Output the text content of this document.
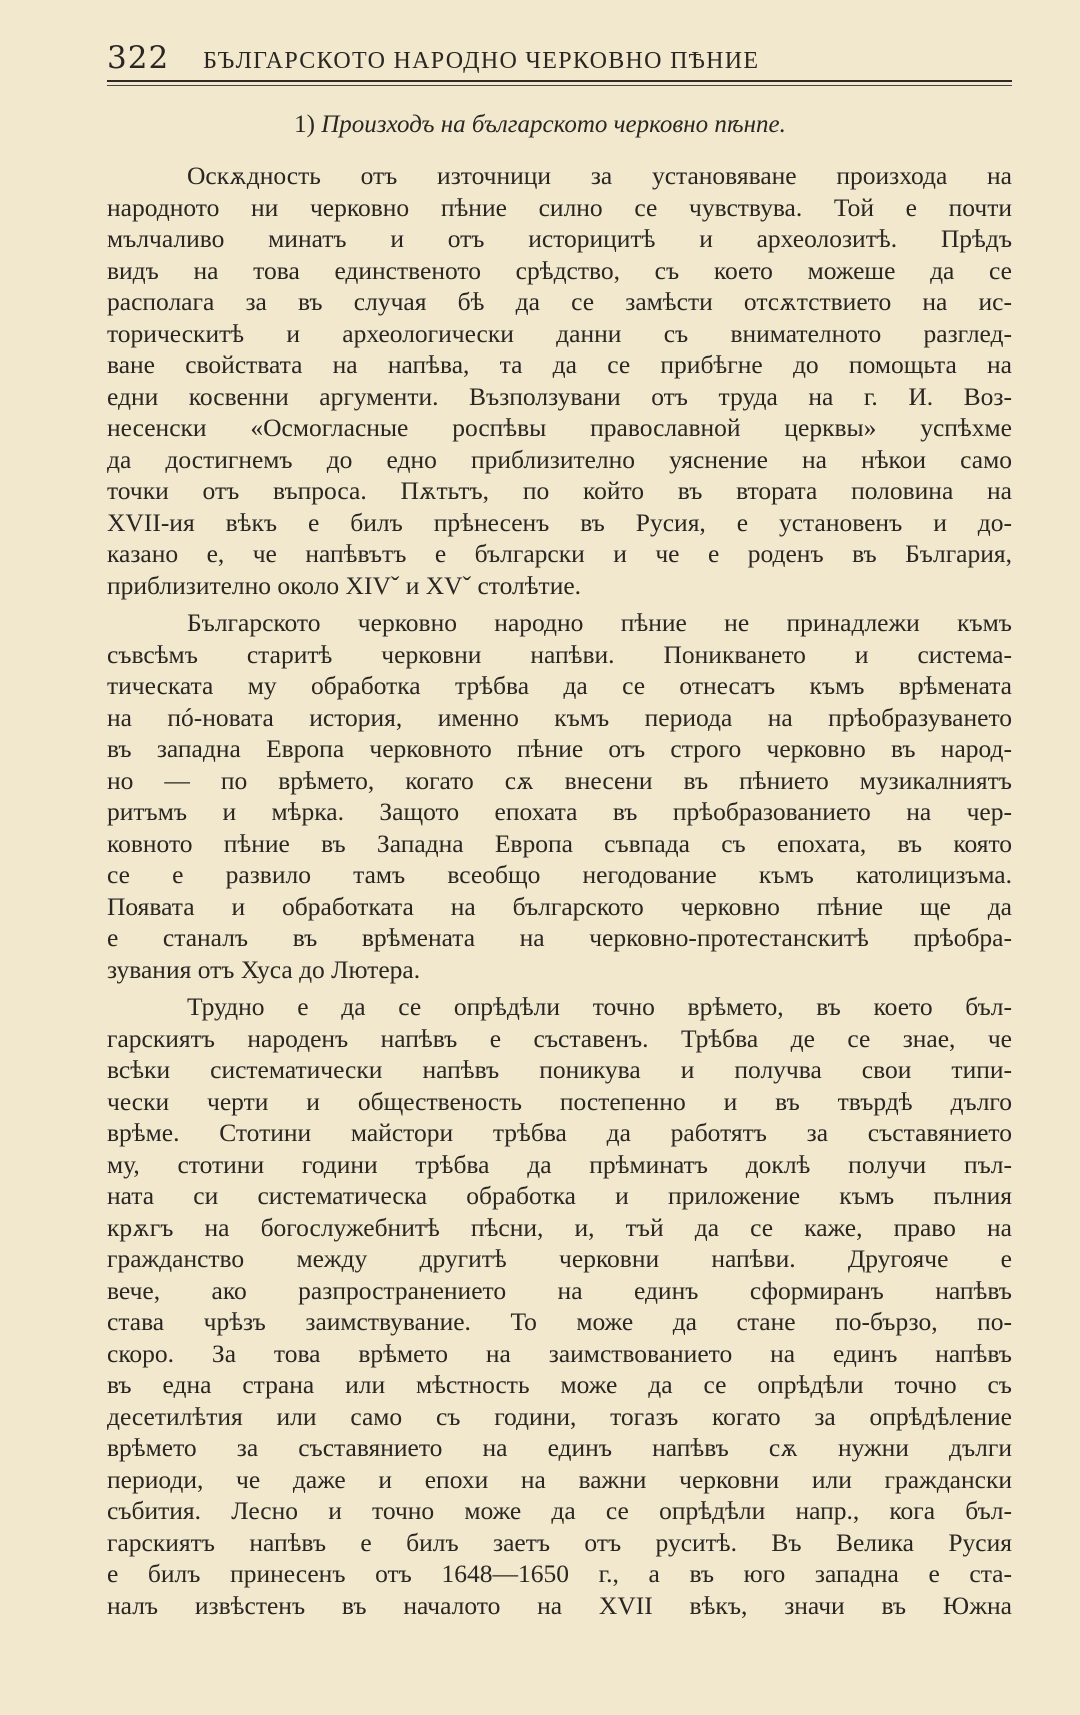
322 БЪЛГАРСКОТО НАРОДНО ЧЕРКОВНО ПѢНИЕ
1) Произходъ на българското черковно пѣнпе.
Оскѫдность отъ източници за установяване произхода на
народното ни черковно пѣние силно се чувствува. Той е почти
мълчаливо минатъ и отъ историцитѣ и археолозитѣ. Прѣдъ
видъ на това единственото срѣдство, съ което можеше да се
располага за въ случая бѣ да се замѣсти отсѫтствието на ис-
торическитѣ и археологически данни съ внимателното разглед-
ване свойствата на напѣва, та да се прибѣгне до помощьта на
едни косвенни аргументи. Възползувани отъ труда на г. И. Воз-
несенски «Осмогласные роспѣвы православной церквы» успѣхме
да достигнемъ до едно приблизително уяснение на нѣкои само
точки отъ въпроса. Пѫтьтъ, по който въ втората половина на
XVII-ия вѣкъ е билъ прѣнесенъ въ Русия, е установенъ и до-
казано е, че напѣвътъ е български и че е роденъ въ България,
приблизително около XIVˇ и XVˇ столѣтие.
Българското черковно народно пѣние не принадлежи къмъ
съвсѣмъ старитѣ черковни напѣви. Поникването и система-
тическата му обработка трѣбва да се отнесатъ къмъ врѣмената
на пó-новата история, именно къмъ периода на прѣобразуването
въ западна Европа черковното пѣние отъ строго черковно въ народ-
но — по врѣмето, когато сѫ внесени въ пѣнието музикалниятъ
ритъмъ и мѣрка. Защото епохата въ прѣобразованието на чер-
ковното пѣние въ Западна Европа съвпада съ епохата, въ която
се е развило тамъ всеобщо негодование къмъ католицизъма.
Появата и обработката на българското черковно пѣние ще да
е станалъ въ врѣмената на черковно-протестанскитѣ прѣобра-
зувания отъ Хуса до Лютера.
Трудно е да се опрѣдѣли точно врѣмето, въ което бъл-
гарскиятъ народенъ напѣвъ е съставенъ. Трѣбва де се знае, че
всѣки систематически напѣвъ поникува и получва свои типи-
чески черти и общественость постепенно и въ твърдѣ дълго
врѣме. Стотини майстори трѣбва да работятъ за съставянието
му, стотини години трѣбва да прѣминатъ доклѣ получи пъл-
ната си систематическа обработка и приложение къмъ пълния
крѫгъ на богослужебнитѣ пѣсни, и, тъй да се каже, право на
гражданство между другитѣ черковни напѣви. Другояче е
вече, ако разпространението на единъ сформиранъ напѣвъ
става чрѣзъ заимствувание. То може да стане по-бързо, по-
скоро. За това врѣмето на заимствованието на единъ напѣвъ
въ една страна или мѣстность може да се опрѣдѣли точно съ
десетилѣтия или само съ години, тогазъ когато за опрѣдѣление
врѣмето за съставянието на единъ напѣвъ сѫ нужни дълги
периоди, че даже и епохи на важни черковни или граждански
събития. Лесно и точно може да се опрѣдѣли напр., кога бъл-
гарскиятъ напѣвъ е билъ заетъ отъ руситѣ. Въ Велика Русия
е билъ принесенъ отъ 1648—1650 г., а въ юго западна е ста-
налъ извѣстенъ въ началото на XVII вѣкъ, значи въ Южна
